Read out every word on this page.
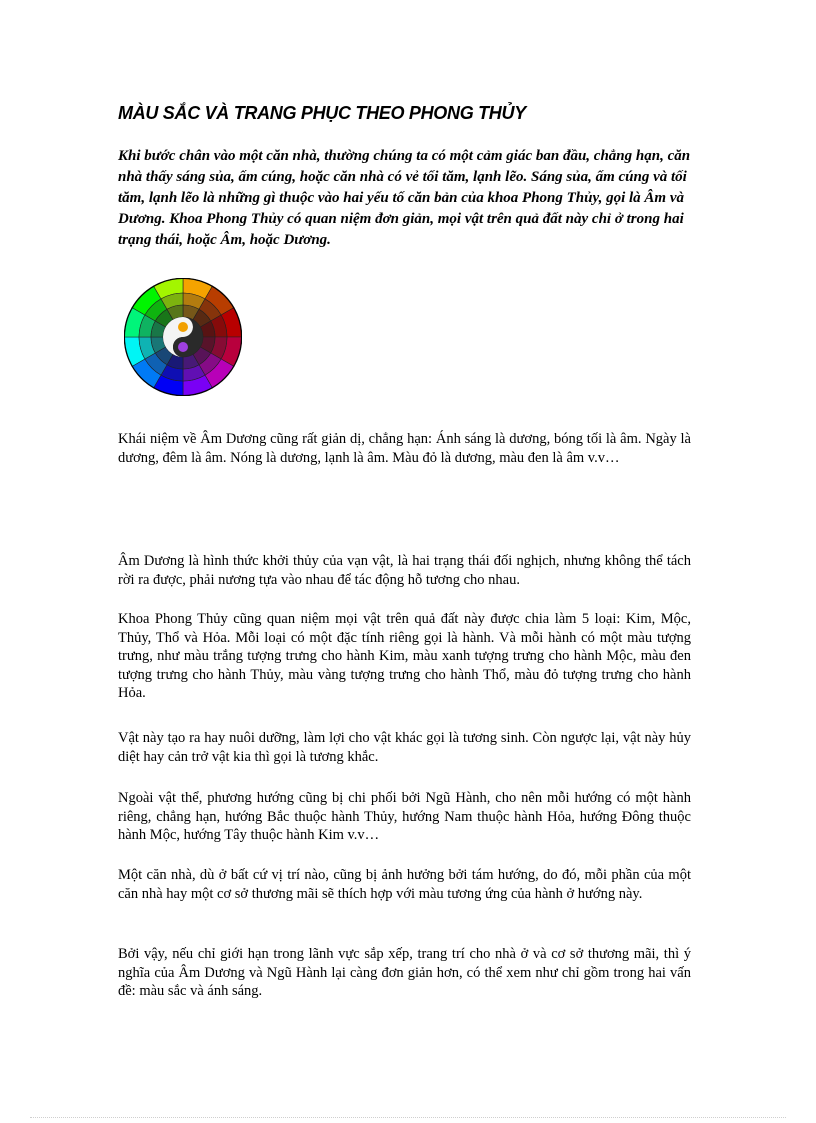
MÀU SẮC VÀ TRANG PHỤC THEO PHONG THỦY

Khi bước chân vào một căn nhà, thường chúng ta có một cảm giác ban đầu, chẳng hạn, căn nhà thấy sáng sủa, ấm cúng, hoặc căn nhà có vẻ tối tăm, lạnh lẽo. Sáng sủa, ấm cúng và tối tăm, lạnh lẽo là những gì thuộc vào hai yếu tố căn bản của khoa Phong Thủy, gọi là Âm và Dương. Khoa Phong Thủy có quan niệm đơn giản, mọi vật trên quả đất này chỉ ở trong hai trạng thái, hoặc Âm, hoặc Dương.

Khái niệm về Âm Dương cũng rất giản dị, chẳng hạn: Ánh sáng là dương, bóng tối là âm. Ngày là dương, đêm là âm. Nóng là dương, lạnh là âm. Màu đỏ là dương, màu đen là âm v.v…

Âm Dương là hình thức khởi thủy của vạn vật, là hai trạng thái đối nghịch, nhưng không thể tách rời ra được, phải nương tựa vào nhau để tác động hỗ tương cho nhau.

Khoa Phong Thủy cũng quan niệm mọi vật trên quả đất này được chia làm 5 loại: Kim, Mộc, Thủy, Thổ và Hỏa. Mỗi loại có một đặc tính riêng gọi là hành. Và mỗi hành có một màu tượng trưng, như màu trắng tượng trưng cho hành Kim, màu xanh tượng trưng cho hành Mộc, màu đen tượng trưng cho hành Thủy, màu vàng tượng trưng cho hành Thổ, màu đỏ tượng trưng cho hành Hỏa.

Vật này tạo ra hay nuôi dưỡng, làm lợi cho vật khác gọi là tương sinh. Còn ngược lại, vật này hủy diệt hay cản trở vật kia thì gọi là tương khắc.

Ngoài vật thể, phương hướng cũng bị chi phối bởi Ngũ Hành, cho nên mỗi hướng có một hành riêng, chẳng hạn, hướng Bắc thuộc hành Thủy, hướng Nam thuộc hành Hỏa, hướng Đông thuộc hành Mộc, hướng Tây thuộc hành Kim v.v…

Một căn nhà, dù ở bất cứ vị trí nào, cũng bị ảnh hưởng bởi tám hướng, do đó, mỗi phần của một căn nhà hay một cơ sở thương mãi sẽ thích hợp với màu tương ứng của hành ở hướng này.

Bởi vậy, nếu chỉ giới hạn trong lãnh vực sắp xếp, trang trí cho nhà ở và cơ sở thương mãi, thì ý nghĩa của Âm Dương và Ngũ Hành lại càng đơn giản hơn, có thể xem như chỉ gồm trong hai vấn đề: màu sắc và ánh sáng.
